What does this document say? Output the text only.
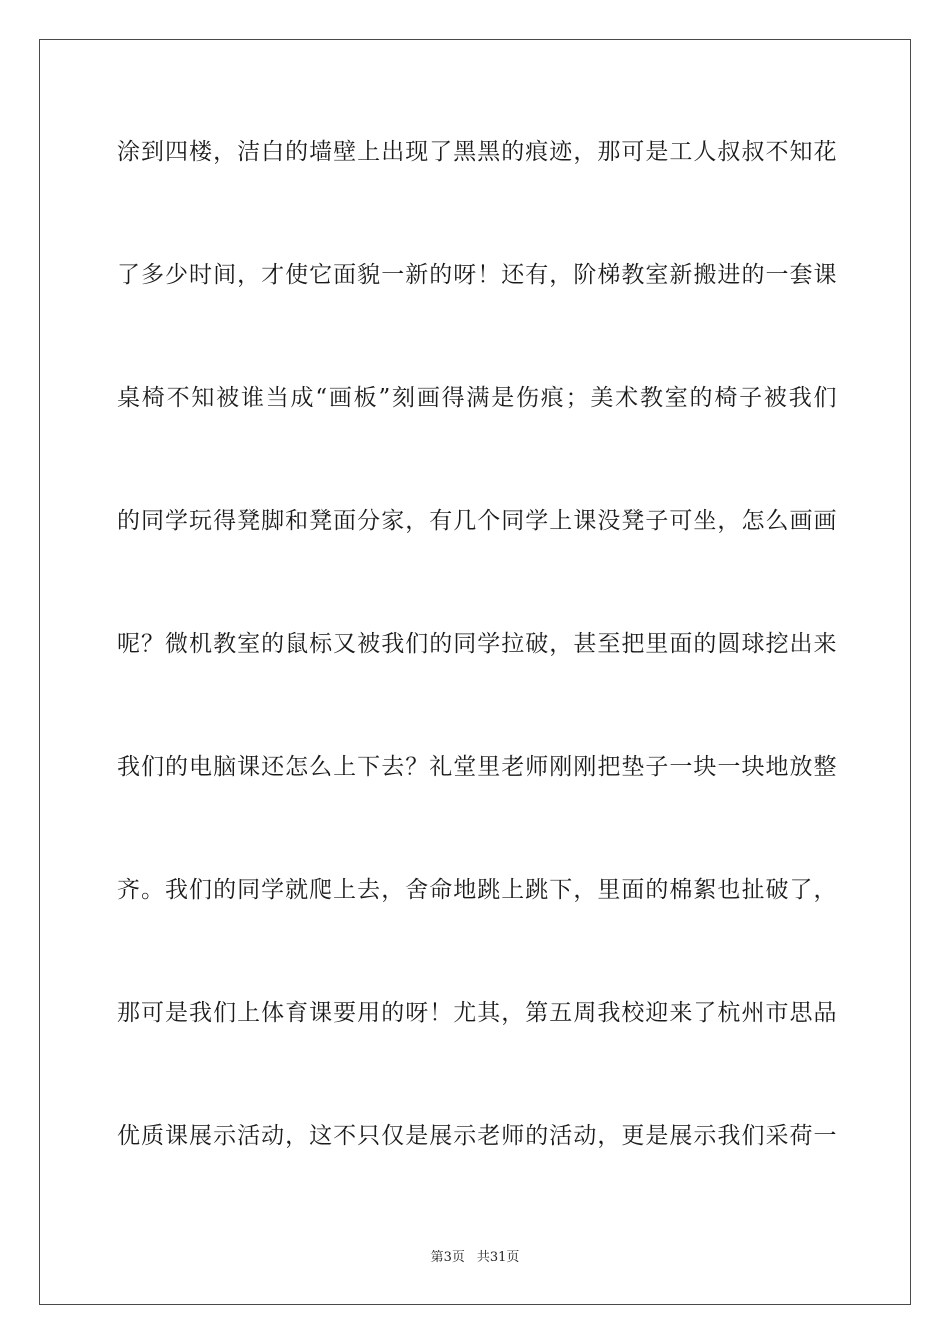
涂到四楼，洁白的墙壁上出现了黑黑的痕迹，那可是工人叔叔不知花
了多少时间，才使它面貌一新的呀！还有，阶梯教室新搬进的一套课
桌椅不知被谁当成“画板”刻画得满是伤痕；美术教室的椅子被我们
的同学玩得凳脚和凳面分家，有几个同学上课没凳子可坐，怎么画画
呢？微机教室的鼠标又被我们的同学拉破，甚至把里面的圆球挖出来
我们的电脑课还怎么上下去？礼堂里老师刚刚把垫子一块一块地放整
齐。我们的同学就爬上去，舍命地跳上跳下，里面的棉絮也扯破了，
那可是我们上体育课要用的呀！尤其，第五周我校迎来了杭州市思品
优质课展示活动，这不只仅是展示老师的活动，更是展示我们采荷一
第3页 共31页
